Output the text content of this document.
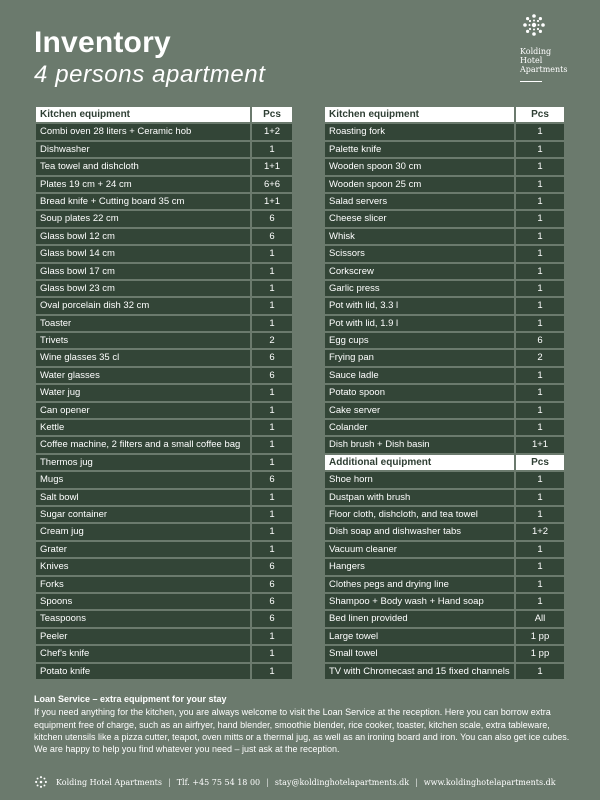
Inventory
4 persons apartment
Kolding
Hotel
Apartments
Kitchen equipment	Pcs
Combi oven 28 liters + Ceramic hob	1+2
Dishwasher	1
Tea towel and dishcloth	1+1
Plates 19 cm + 24 cm	6+6
Bread knife + Cutting board 35 cm	1+1
Soup plates 22 cm	6
Glass bowl 12 cm	6
Glass bowl 14 cm	1
Glass bowl 17 cm	1
Glass bowl 23 cm	1
Oval porcelain dish 32 cm	1
Toaster	1
Trivets	2
Wine glasses 35 cl	6
Water glasses	6
Water jug	1
Can opener	1
Kettle	1
Coffee machine, 2 filters and a small coffee bag	1
Thermos jug	1
Mugs	6
Salt bowl	1
Sugar container	1
Cream jug	1
Grater	1
Knives	6
Forks	6
Spoons	6
Teaspoons	6
Peeler	1
Chef's knife	1
Potato knife	1
Kitchen equipment	Pcs
Roasting fork	1
Palette knife	1
Wooden spoon 30 cm	1
Wooden spoon 25 cm	1
Salad servers	1
Cheese slicer	1
Whisk	1
Scissors	1
Corkscrew	1
Garlic press	1
Pot with lid, 3.3 l	1
Pot with lid, 1.9 l	1
Egg cups	6
Frying pan	2
Sauce ladle	1
Potato spoon	1
Cake server	1
Colander	1
Dish brush + Dish basin	1+1
Additional equipment	Pcs
Shoe horn	1
Dustpan with brush	1
Floor cloth, dishcloth, and tea towel	1
Dish soap and dishwasher tabs	1+2
Vacuum cleaner	1
Hangers	1
Clothes pegs and drying line	1
Shampoo + Body wash + Hand soap	1
Bed linen provided	All
Large towel	1 pp
Small towel	1 pp
TV with Chromecast and 15 fixed channels	1
Loan Service – extra equipment for your stay
If you need anything for the kitchen, you are always welcome to visit the Loan Service at the reception. Here you can borrow extra equipment free of charge, such as an airfryer, hand blender, smoothie blender, rice cooker, toaster, kitchen scale, extra tableware, kitchen utensils like a pizza cutter, teapot, oven mitts or a thermal jug, as well as an ironing board and iron. You can also get ice cubes. We are happy to help you find whatever you need – just ask at the reception.
Kolding Hotel Apartments | Tlf. +45 75 54 18 00 | stay@koldinghotelapartments.dk | www.koldinghotelapartments.dk
